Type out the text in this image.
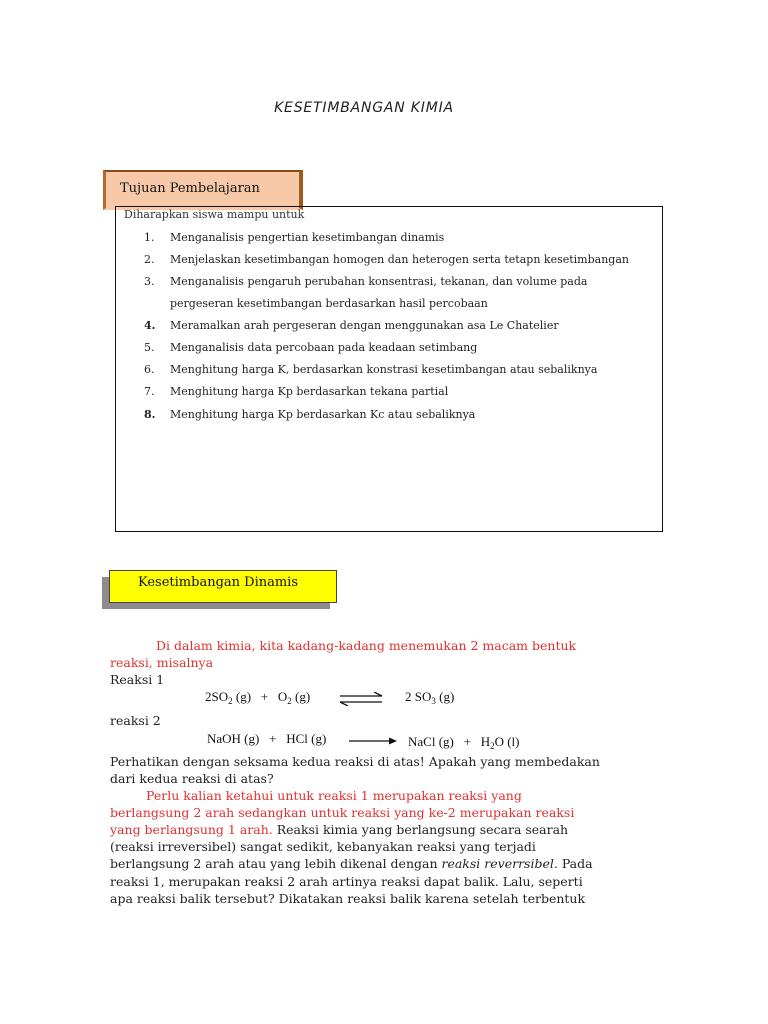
KESETIMBANGAN KIMIA
Tujuan Pembelajaran
Diharapkan siswa mampu untuk
1. Menganalisis pengertian kesetimbangan dinamis
2. Menjelaskan kesetimbangan homogen dan heterogen serta tetapn kesetimbangan
3. Menganalisis pengaruh perubahan konsentrasi, tekanan, dan volume pada
pergeseran kesetimbangan berdasarkan hasil percobaan
4. Meramalkan arah pergeseran dengan menggunakan asa Le Chatelier
5. Menganalisis data percobaan pada keadaan setimbang
6. Menghitung harga K, berdasarkan konstrasi kesetimbangan atau sebaliknya
7. Menghitung harga Kp berdasarkan tekana partial
8. Menghitung harga Kp berdasarkan Kc atau sebaliknya
Kesetimbangan Dinamis
Di dalam kimia, kita kadang-kadang menemukan 2 macam bentuk
reaksi, misalnya
Reaksi 1
$2SO_2$ $(g) + O_2$ (g) ⇌ 2 $SO_3$ (g)
reaksi 2
NaOH (g) + HCl (g)	NaCl $(g) + H_2O$ (l)
Perhatikan dengan seksama kedua reaksi di atas! Apakah yang membedakan
dari kedua reaksi di atas?
Perlu kalian ketahui untuk reaksi 1 merupakan reaksi yang
berlangsung 2 arah sedangkan untuk reaksi yang ke-2 merupakan reaksi
yang berlangsung 1 arah. Reaksi kimia yang berlangsung secara searah
(reaksi irreversibel) sangat sedikit, kebanyakan reaksi yang terjadi
berlangsung 2 arah atau yang lebih dikenal dengan reaksi reverrsibel. Pada
reaksi 1, merupakan reaksi 2 arah artinya reaksi dapat balik. Lalu, seperti
apa reaksi balik tersebut? Dikatakan reaksi balik karena setelah terbentuk
